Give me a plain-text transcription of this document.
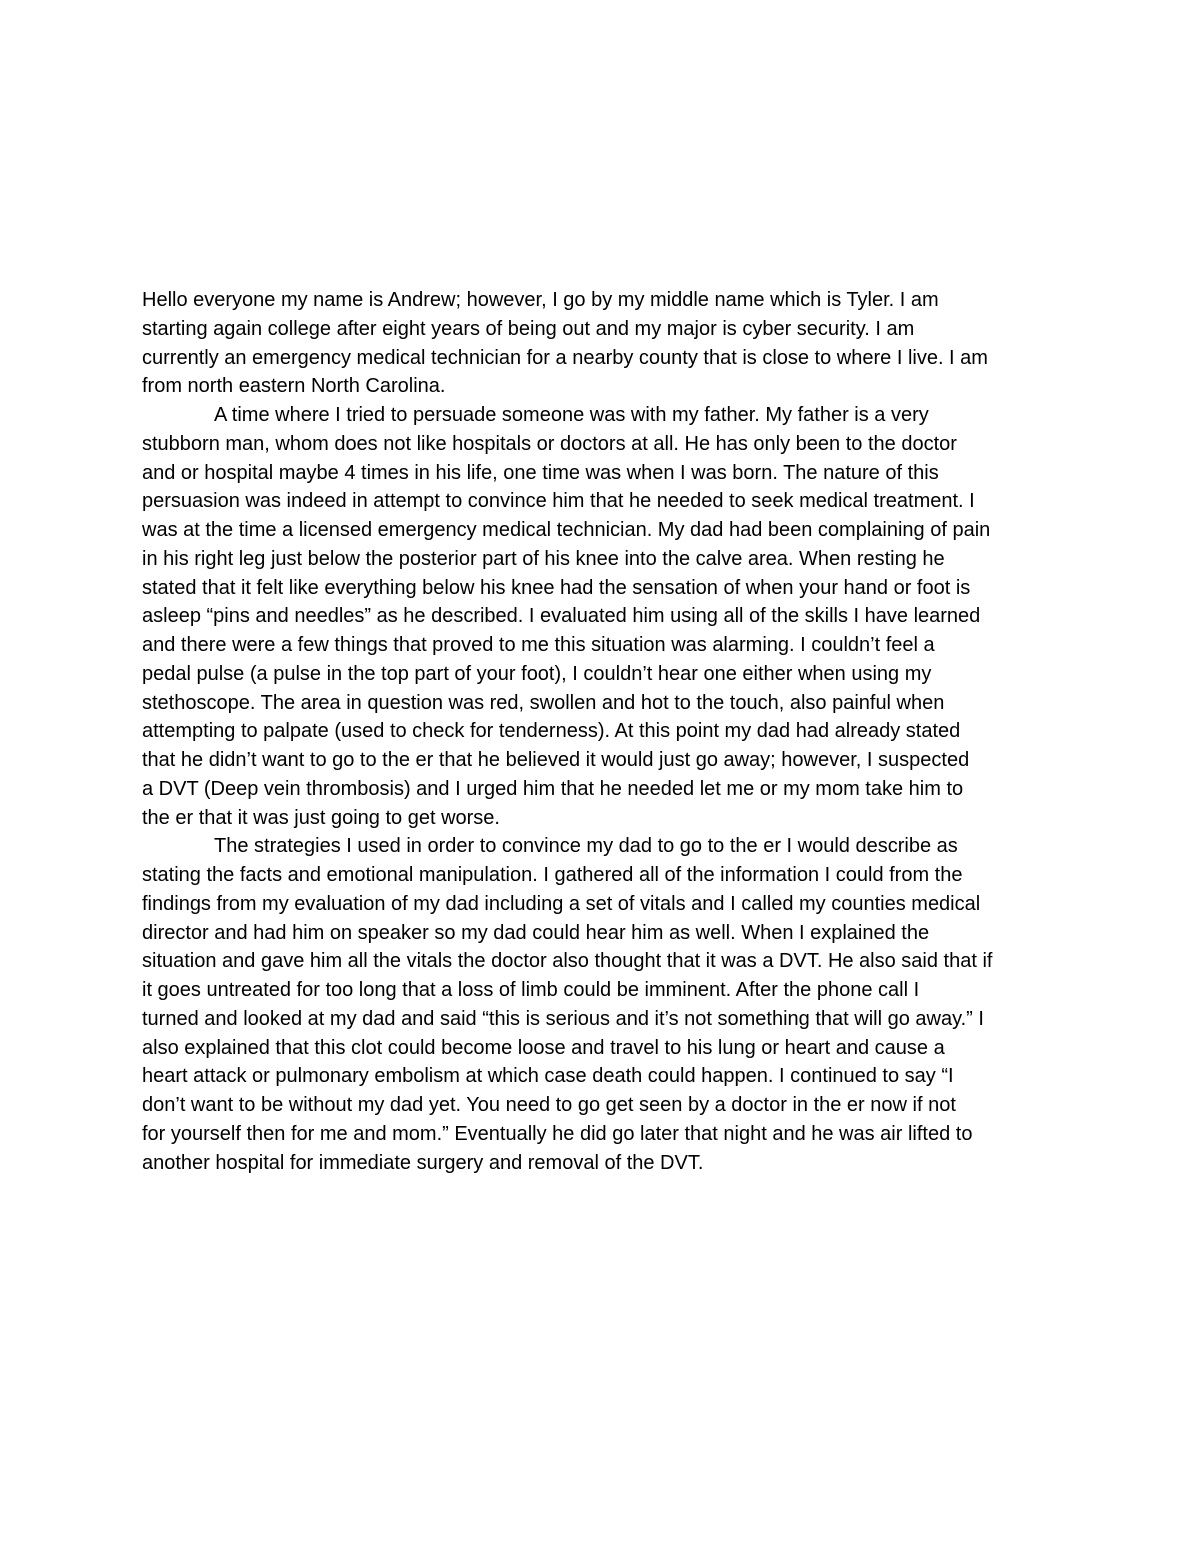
Hello everyone my name is Andrew; however, I go by my middle name which is Tyler. I am
starting again college after eight years of being out and my major is cyber security. I am
currently an emergency medical technician for a nearby county that is close to where I live. I am
from north eastern North Carolina.

A time where I tried to persuade someone was with my father. My father is a very
stubborn man, whom does not like hospitals or doctors at all. He has only been to the doctor
and or hospital maybe 4 times in his life, one time was when I was born. The nature of this
persuasion was indeed in attempt to convince him that he needed to seek medical treatment. I
was at the time a licensed emergency medical technician. My dad had been complaining of pain
in his right leg just below the posterior part of his knee into the calve area. When resting he
stated that it felt like everything below his knee had the sensation of when your hand or foot is
asleep “pins and needles” as he described. I evaluated him using all of the skills I have learned
and there were a few things that proved to me this situation was alarming. I couldn’t feel a
pedal pulse (a pulse in the top part of your foot), I couldn’t hear one either when using my
stethoscope. The area in question was red, swollen and hot to the touch, also painful when
attempting to palpate (used to check for tenderness). At this point my dad had already stated
that he didn’t want to go to the er that he believed it would just go away; however, I suspected
a DVT (Deep vein thrombosis) and I urged him that he needed let me or my mom take him to
the er that it was just going to get worse.

The strategies I used in order to convince my dad to go to the er I would describe as
stating the facts and emotional manipulation. I gathered all of the information I could from the
findings from my evaluation of my dad including a set of vitals and I called my counties medical
director and had him on speaker so my dad could hear him as well. When I explained the
situation and gave him all the vitals the doctor also thought that it was a DVT. He also said that if
it goes untreated for too long that a loss of limb could be imminent. After the phone call I
turned and looked at my dad and said “this is serious and it’s not something that will go away.” I
also explained that this clot could become loose and travel to his lung or heart and cause a
heart attack or pulmonary embolism at which case death could happen. I continued to say “I
don’t want to be without my dad yet. You need to go get seen by a doctor in the er now if not
for yourself then for me and mom.” Eventually he did go later that night and he was air lifted to
another hospital for immediate surgery and removal of the DVT.
